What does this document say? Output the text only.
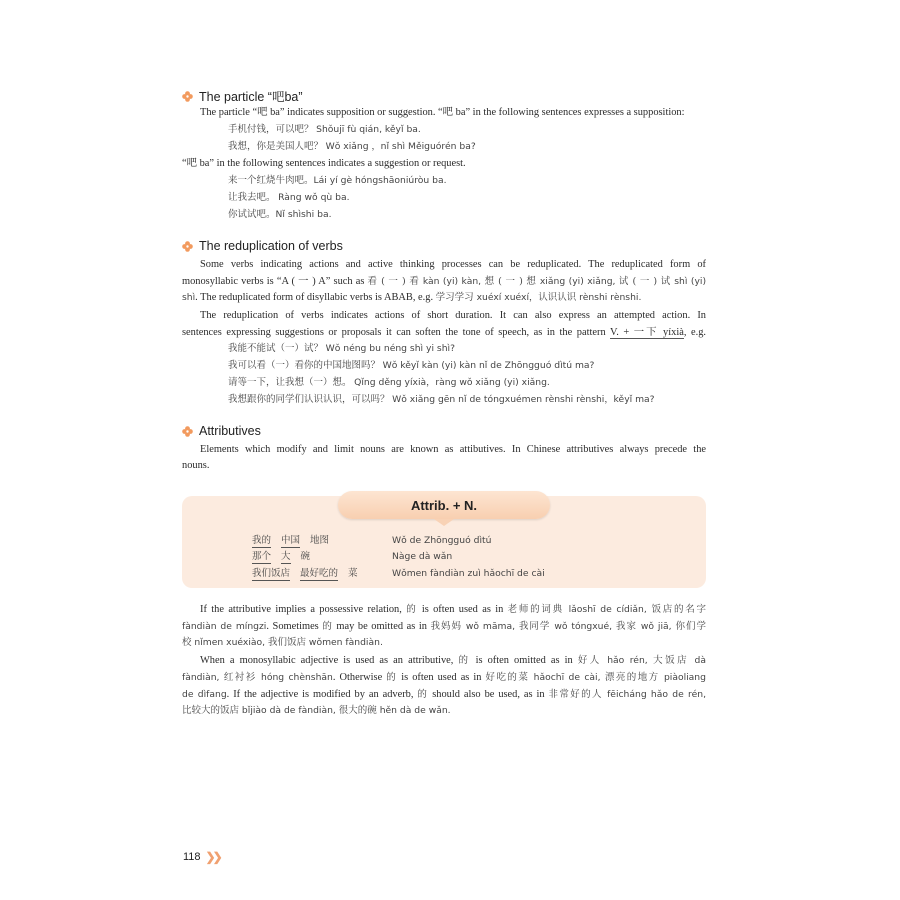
The particle “吧ba”
The particle “吧 ba” indicates supposition or suggestion. “吧 ba” in the following sentences expresses a supposition:
手机付钱，可以吧？ Shǒujī fù qián, kěyǐ ba.
我想，你是美国人吧？ Wǒ xiǎng ，nǐ shì Měiguórén ba?
“吧 ba” in the following sentences indicates a suggestion or request.
来一个红烧牛肉吧。Lái yí gè hóngshāoniúròu ba.
让我去吧。 Ràng wǒ qù ba.
你试试吧。Nǐ shìshi ba.
The reduplication of verbs
Some verbs indicating actions and active thinking processes can be reduplicated. The reduplicated form of
monosyllabic verbs is “A ( 一 ) A” such as 看 ( 一 ) 看 kàn (yi) kàn, 想 ( 一 ) 想 xiǎng (yi) xiǎng, 试 ( 一 ) 试 shì (yi)
shì. The reduplicated form of disyllabic verbs is ABAB, e.g. 学习学习 xuéxí xuéxí，认识认识 rènshi rènshi.
The reduplication of verbs indicates actions of short duration. It can also express an attempted action. In
sentences expressing suggestions or proposals it can soften the tone of speech, as in the pattern V. + 一下 yíxià, e.g.
我能不能试（一）试？ Wǒ néng bu néng shì yi shì?
我可以看（一）看你的中国地图吗？ Wǒ kěyǐ kàn (yi) kàn nǐ de Zhōngguó dìtú ma?
请等一下，让我想（一）想。 Qǐng děng yíxià，ràng wǒ xiǎng (yi) xiǎng.
我想跟你的同学们认识认识，可以吗？ Wǒ xiǎng gēn nǐ de tóngxuémen rènshi rènshi，kěyǐ ma?
Attributives
Elements which modify and limit nouns are known as attibutives. In Chinese attributives always precede the
nouns.
Attrib. + N.
我的 中国 地图	Wǒ de Zhōngguó dìtú
那个 大 碗	Nàge dà wǎn
我们饭店 最好吃的 菜	Wǒmen fàndiàn zuì hǎochī de cài
If the attributive implies a possessive relation, 的 is often used as in 老师的词典 lǎoshī de cídiǎn, 饭店的名字
fàndiàn de míngzi. Sometimes 的 may be omitted as in 我妈妈 wǒ māma, 我同学 wǒ tóngxué, 我家 wǒ jiā, 你们学
校 nǐmen xuéxiào, 我们饭店 wǒmen fàndiàn.
When a monosyllabic adjective is used as an attributive, 的 is often omitted as in 好人 hǎo rén, 大饭店 dà
fàndiàn, 红衬衫 hóng chènshān. Otherwise 的 is often used as in 好吃的菜 hǎochī de cài, 漂亮的地方 piàoliang
de dìfang. If the adjective is modified by an adverb, 的 should also be used, as in 非常好的人 fēicháng hǎo de rén,
比较大的饭店 bǐjiào dà de fàndiàn, 很大的碗 hěn dà de wǎn.
118 ❯❯
